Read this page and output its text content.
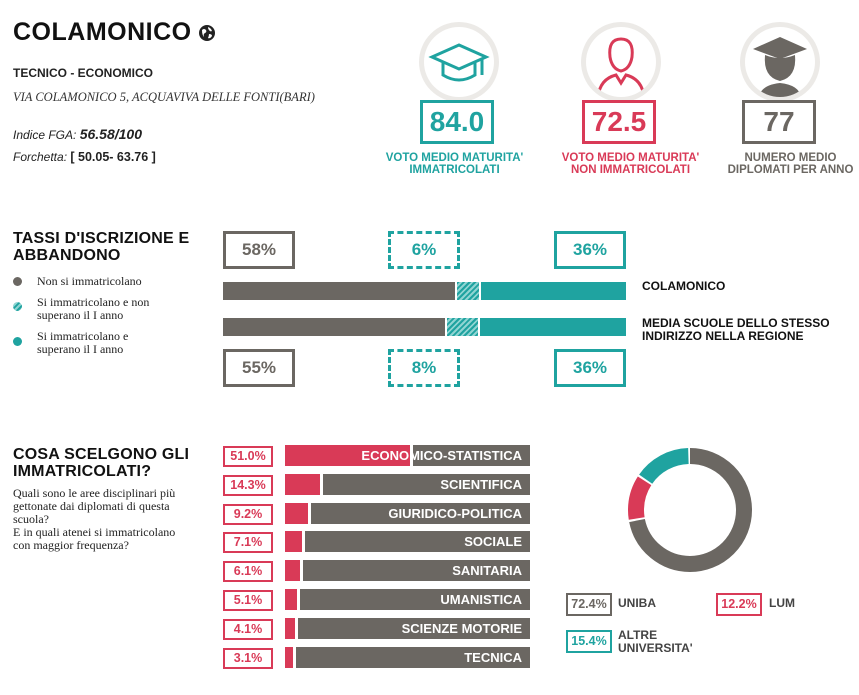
COLAMONICO
TECNICO - ECONOMICO
VIA COLAMONICO 5, ACQUAVIVA DELLE FONTI(BARI)
Indice FGA: 56.58/100
Forchetta: [ 50.05- 63.76 ]
84.0
VOTO MEDIO MATURITA'
IMMATRICOLATI
72.5
VOTO MEDIO MATURITA'
NON IMMATRICOLATI
77
NUMERO MEDIO
DIPLOMATI PER ANNO
TASSI D'ISCRIZIONE E
ABBANDONO
Non si immatricolano
Si immatricolano e non
superano il I anno
Si immatricolano e
superano il I anno
58%	6%	36%
COLAMONICO
MEDIA SCUOLE DELLO STESSO
INDIRIZZO NELLA REGIONE
55%	8%	36%
COSA SCELGONO GLI
IMMATRICOLATI?
Quali sono le aree disciplinari più
gettonate dai diplomati di questa
scuola?
E in quali atenei si immatricolano
con maggior frequenza?
51.0%	ECONOMICO-STATISTICA
14.3%	SCIENTIFICA
9.2%	GIURIDICO-POLITICA
7.1%	SOCIALE
6.1%	SANITARIA
5.1%	UMANISTICA
4.1%	SCIENZE MOTORIE
3.1%	TECNICA
72.4% UNIBA	12.2%	LUM
15.4% ALTRE
UNIVERSITA'
